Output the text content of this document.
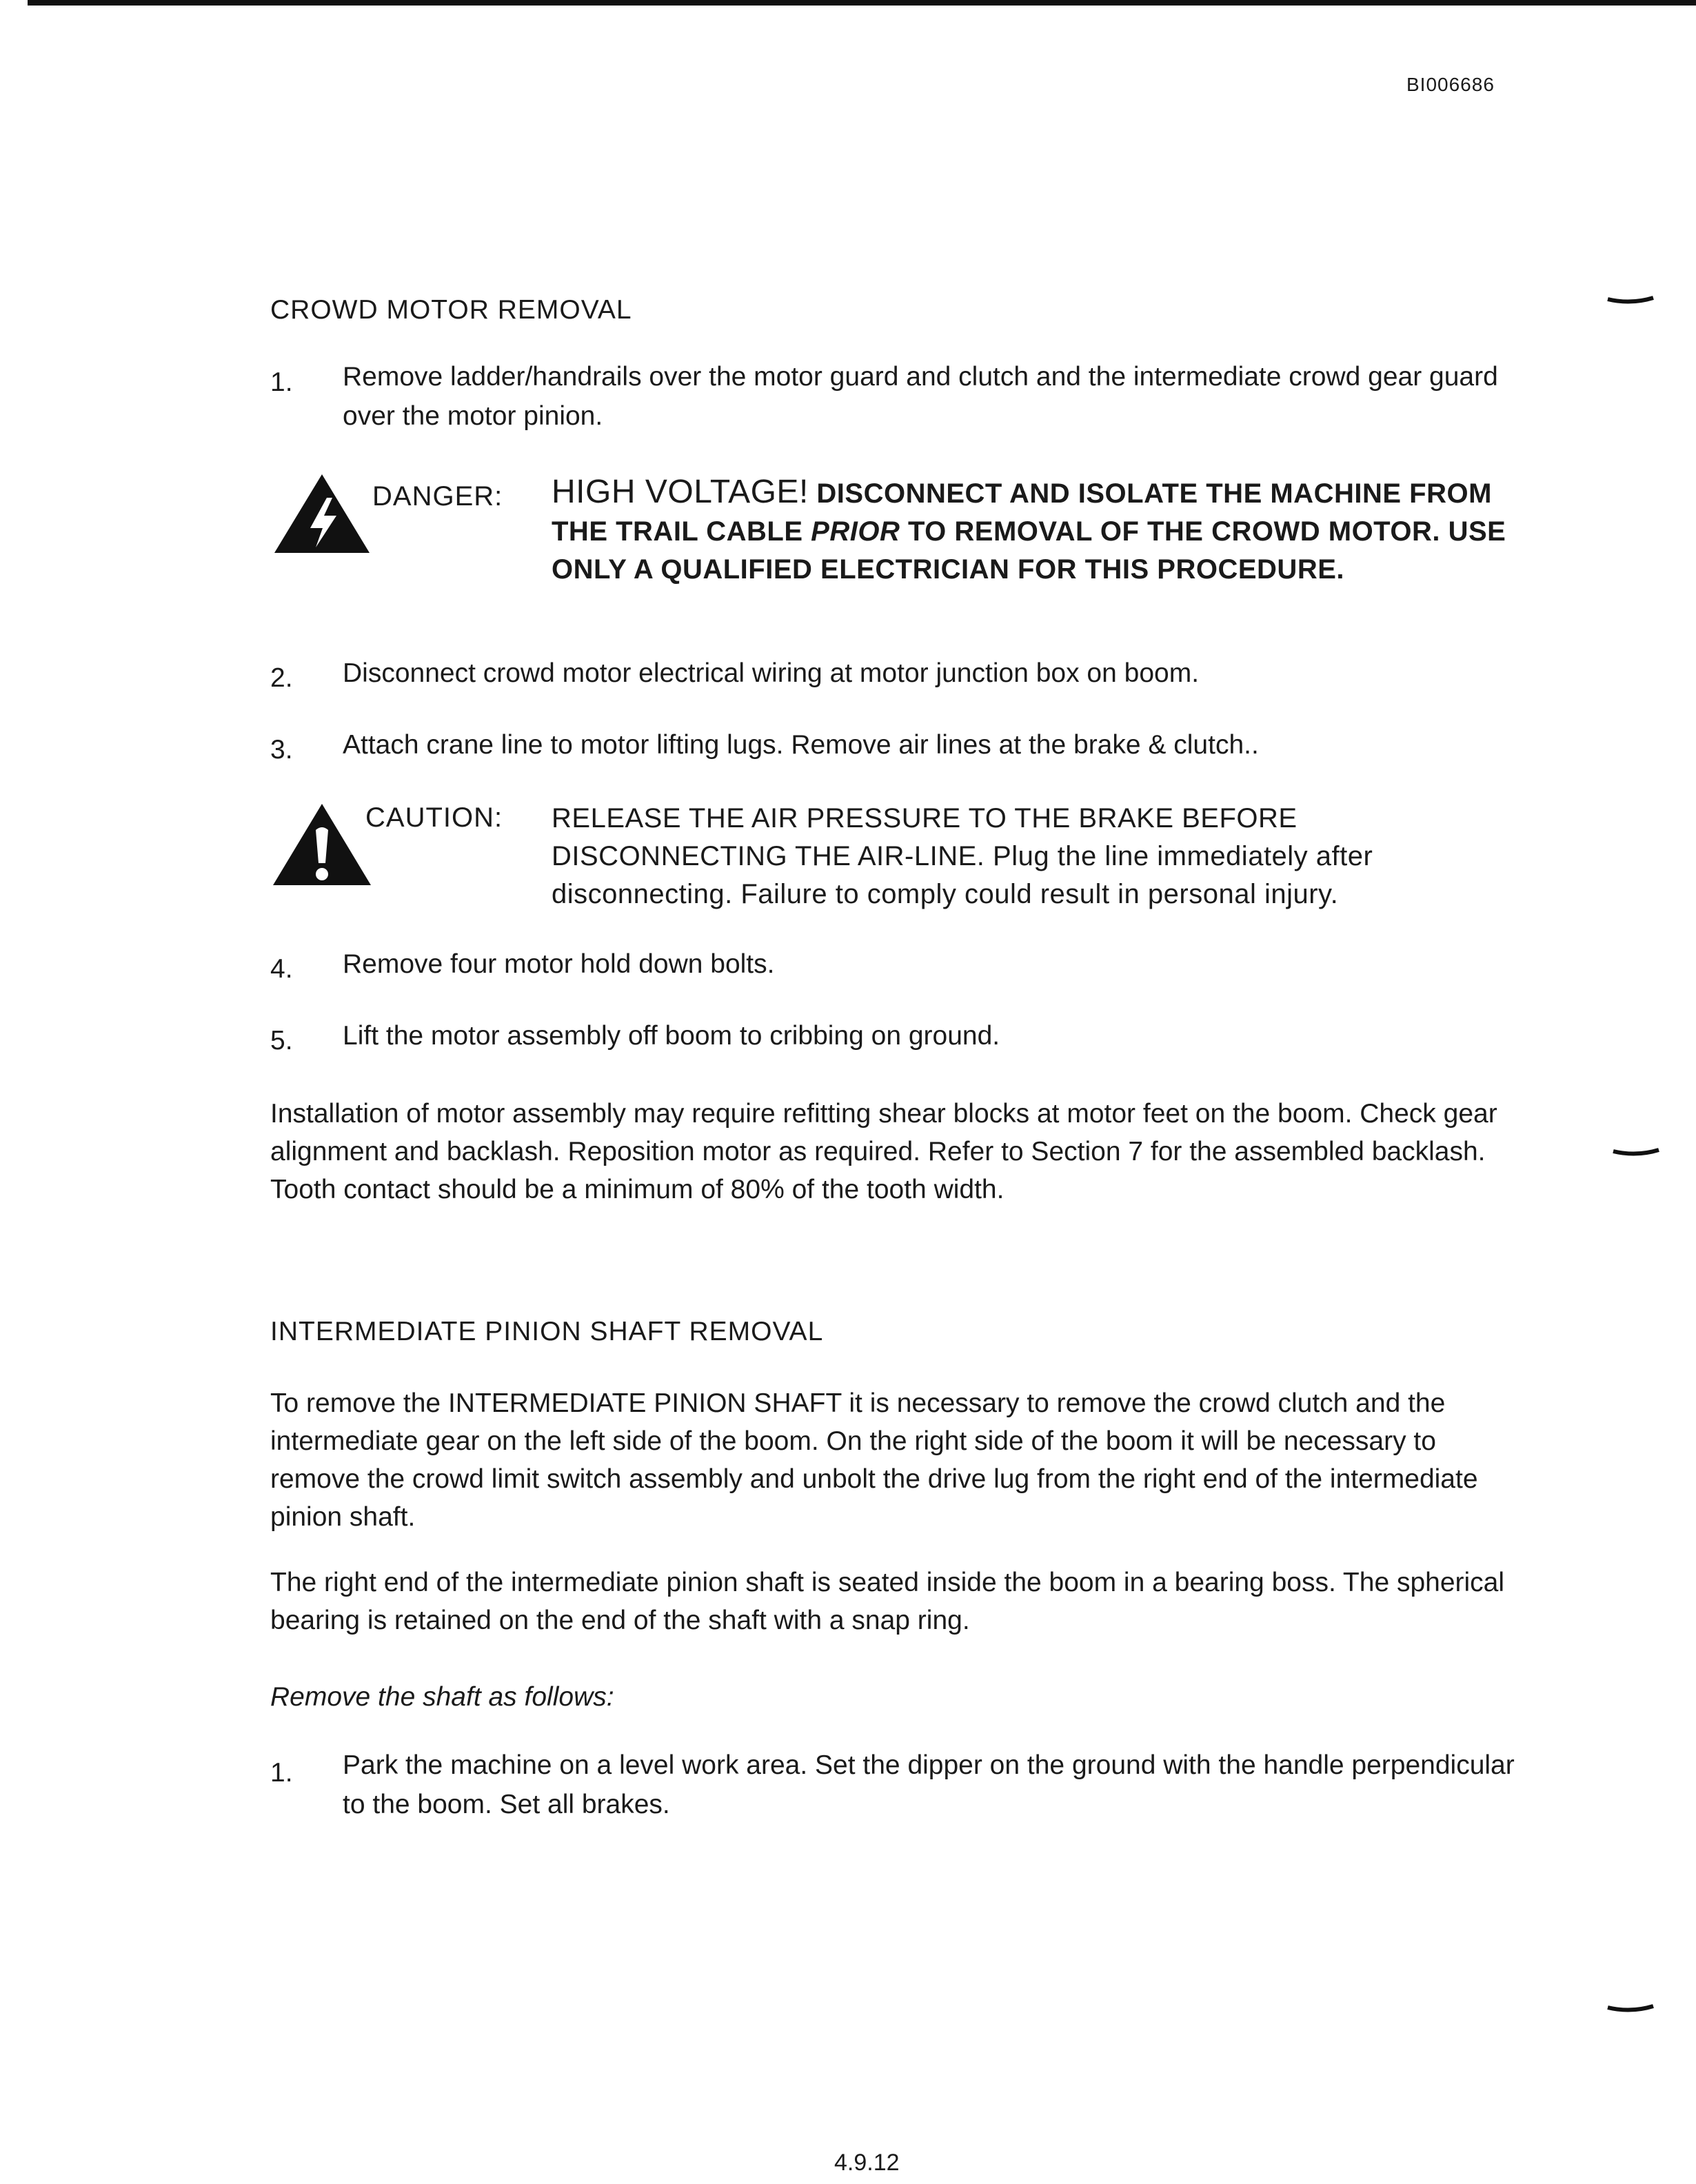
BI006686
CROWD MOTOR REMOVAL
1. Remove ladder/handrails over the motor guard and clutch and the intermediate crowd gear guard over the motor pinion.
DANGER: HIGH VOLTAGE! DISCONNECT AND ISOLATE THE MACHINE FROM THE TRAIL CABLE PRIOR TO REMOVAL OF THE CROWD MOTOR. USE ONLY A QUALIFIED ELECTRICIAN FOR THIS PROCEDURE.
2. Disconnect crowd motor electrical wiring at motor junction box on boom.
3. Attach crane line to motor lifting lugs. Remove air lines at the brake & clutch..
CAUTION: RELEASE THE AIR PRESSURE TO THE BRAKE BEFORE DISCONNECTING THE AIR-LINE. Plug the line immediately after disconnecting. Failure to comply could result in personal injury.
4. Remove four motor hold down bolts.
5. Lift the motor assembly off boom to cribbing on ground.
Installation of motor assembly may require refitting shear blocks at motor feet on the boom. Check gear alignment and backlash. Reposition motor as required. Refer to Section 7 for the assembled backlash. Tooth contact should be a minimum of 80% of the tooth width.
INTERMEDIATE PINION SHAFT REMOVAL
To remove the INTERMEDIATE PINION SHAFT it is necessary to remove the crowd clutch and the intermediate gear on the left side of the boom. On the right side of the boom it will be necessary to remove the crowd limit switch assembly and unbolt the drive lug from the right end of the intermediate pinion shaft.
The right end of the intermediate pinion shaft is seated inside the boom in a bearing boss. The spherical bearing is retained on the end of the shaft with a snap ring.
Remove the shaft as follows:
1. Park the machine on a level work area. Set the dipper on the ground with the handle perpendicular to the boom. Set all brakes.
4.9.12
